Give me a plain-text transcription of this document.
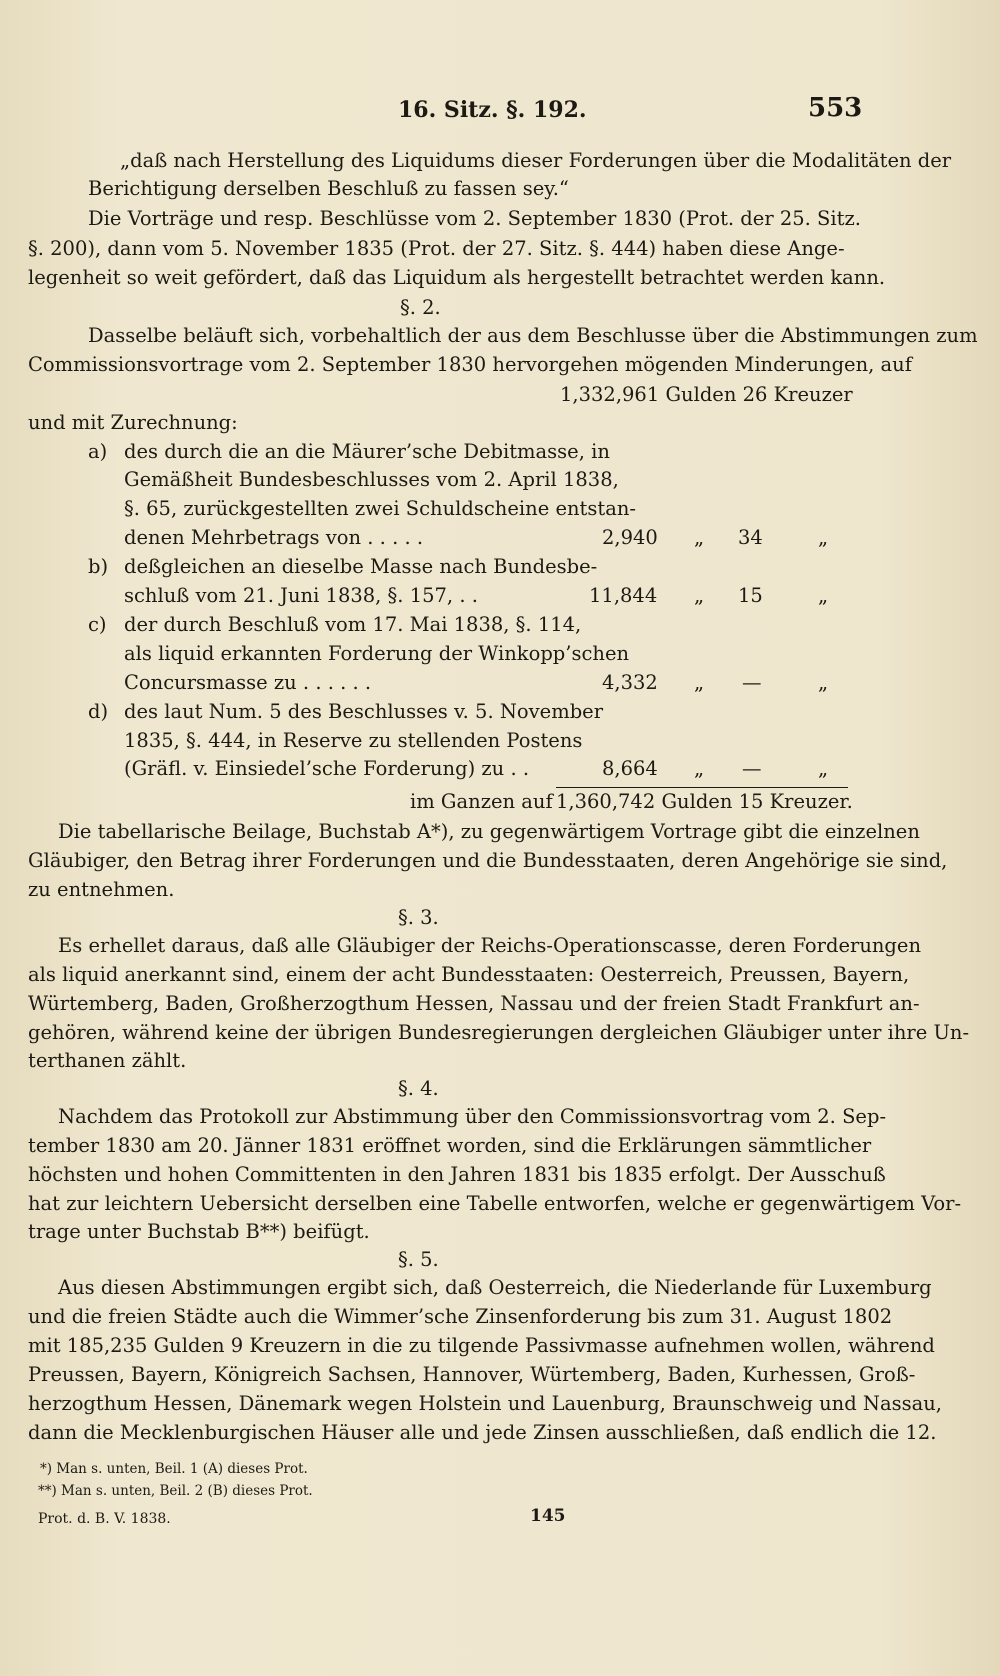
16. Sitz. §. 192.	553
„daß nach Herstellung des Liquidums dieser Forderungen über die Modalitäten der
Berichtigung derselben Beschluß zu fassen sey.“
Die Vorträge und resp. Beschlüsse vom 2. September 1830 (Prot. der 25. Sitz.
§. 200), dann vom 5. November 1835 (Prot. der 27. Sitz. §. 444) haben diese Ange-
legenheit so weit gefördert, daß das Liquidum als hergestellt betrachtet werden kann.
§. 2.
Dasselbe beläuft sich, vorbehaltlich der aus dem Beschlusse über die Abstimmungen zum
Commissionsvortrage vom 2. September 1830 hervorgehen mögenden Minderungen, auf
1,332,961 Gulden 26 Kreuzer
und mit Zurechnung:
a) des durch die an die Mäurer’sche Debitmasse, in
Gemäßheit Bundesbeschlusses vom 2. April 1838,
§. 65, zurückgestellten zwei Schuldscheine entstan-
denen Mehrbetrags von . . . . .	2,940 „ 34	„
b) deßgleichen an dieselbe Masse nach Bundesbe-
schluß vom 21. Juni 1838, §. 157, . .	11,844 „ 15	„
c) der durch Beschluß vom 17. Mai 1838, §. 114,
als liquid erkannten Forderung der Winkopp’schen
Concursmasse zu . . . . . .	4,332 „ —	„
d) des laut Num. 5 des Beschlusses v. 5. November
1835, §. 444, in Reserve zu stellenden Postens
(Gräfl. v. Einsiedel’sche Forderung) zu . .	8,664 „ —	„
im Ganzen auf 1,360,742 Gulden 15 Kreuzer.
Die tabellarische Beilage, Buchstab A*), zu gegenwärtigem Vortrage gibt die einzelnen
Gläubiger, den Betrag ihrer Forderungen und die Bundesstaaten, deren Angehörige sie sind,
zu entnehmen.
§. 3.
Es erhellet daraus, daß alle Gläubiger der Reichs-Operationscasse, deren Forderungen
als liquid anerkannt sind, einem der acht Bundesstaaten: Oesterreich, Preussen, Bayern,
Würtemberg, Baden, Großherzogthum Hessen, Nassau und der freien Stadt Frankfurt an-
gehören, während keine der übrigen Bundesregierungen dergleichen Gläubiger unter ihre Un-
terthanen zählt.
§. 4.
Nachdem das Protokoll zur Abstimmung über den Commissionsvortrag vom 2. Sep-
tember 1830 am 20. Jänner 1831 eröffnet worden, sind die Erklärungen sämmtlicher
höchsten und hohen Committenten in den Jahren 1831 bis 1835 erfolgt. Der Ausschuß
hat zur leichtern Uebersicht derselben eine Tabelle entworfen, welche er gegenwärtigem Vor-
trage unter Buchstab B**) beifügt.
§. 5.
Aus diesen Abstimmungen ergibt sich, daß Oesterreich, die Niederlande für Luxemburg
und die freien Städte auch die Wimmer’sche Zinsenforderung bis zum 31. August 1802
mit 185,235 Gulden 9 Kreuzern in die zu tilgende Passivmasse aufnehmen wollen, während
Preussen, Bayern, Königreich Sachsen, Hannover, Würtemberg, Baden, Kurhessen, Groß-
herzogthum Hessen, Dänemark wegen Holstein und Lauenburg, Braunschweig und Nassau,
dann die Mecklenburgischen Häuser alle und jede Zinsen ausschließen, daß endlich die 12.
*) Man s. unten, Beil. 1 (A) dieses Prot.
**) Man s. unten, Beil. 2 (B) dieses Prot.
Prot. d. B. V. 1838.	145
